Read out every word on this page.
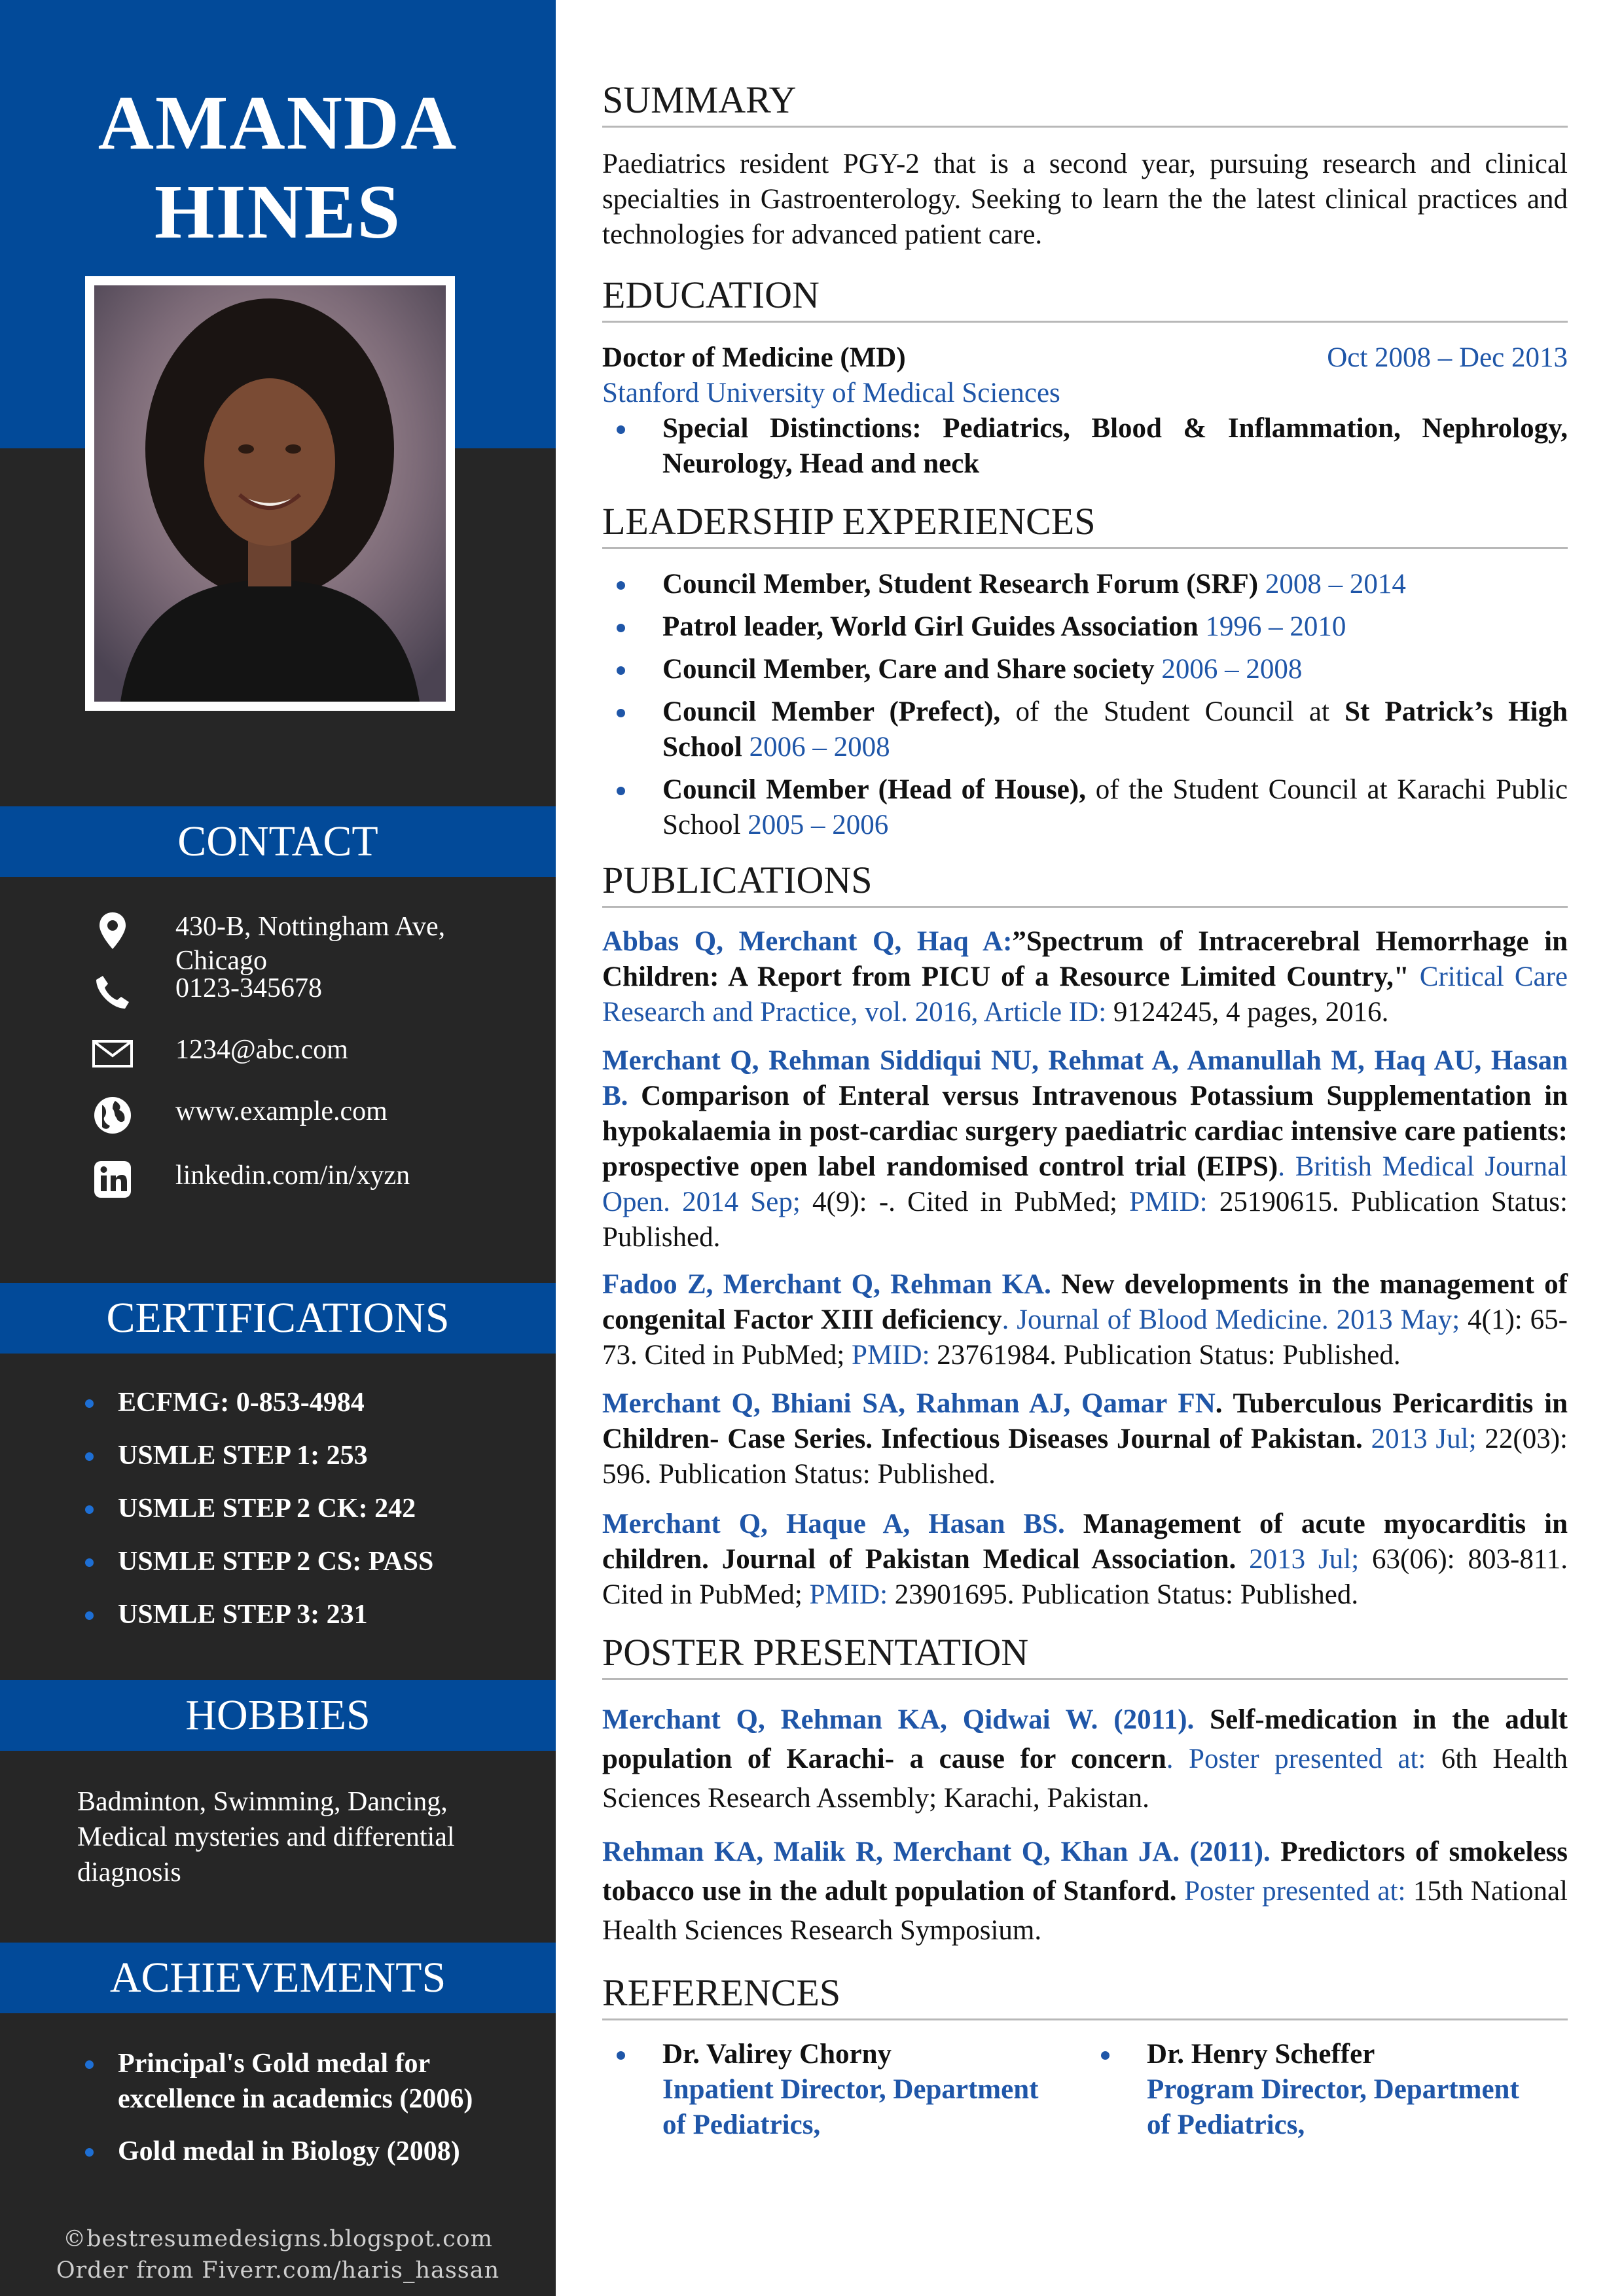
AMANDA
HINES
CONTACT
430-B, Nottingham Ave, Chicago
0123-345678
1234@abc.com
www.example.com
linkedin.com/in/xyzn
CERTIFICATIONS
ECFMG: 0-853-4984
USMLE STEP 1: 253
USMLE STEP 2 CK: 242
USMLE STEP 2 CS: PASS
USMLE STEP 3: 231
HOBBIES
Badminton, Swimming, Dancing, Medical mysteries and differential diagnosis
ACHIEVEMENTS
Principal's Gold medal for excellence in academics (2006)
Gold medal in Biology (2008)
©bestresumedesigns.blogspot.com
Order from Fiverr.com/haris_hassan
SUMMARY
Paediatrics resident PGY-2 that is a second year, pursuing research and clinical specialties in Gastroenterology. Seeking to learn the the latest clinical practices and technologies for advanced patient care.
EDUCATION
Doctor of Medicine (MD)	Oct 2008 – Dec 2013
Stanford University of Medical Sciences
Special Distinctions: Pediatrics, Blood & Inflammation, Nephrology, Neurology, Head and neck
LEADERSHIP EXPERIENCES
Council Member, Student Research Forum (SRF) 2008 – 2014
Patrol leader, World Girl Guides Association 1996 – 2010
Council Member, Care and Share society 2006 – 2008
Council Member (Prefect), of the Student Council at St Patrick’s High School 2006 – 2008
Council Member (Head of House), of the Student Council at Karachi Public School 2005 – 2006
PUBLICATIONS
Abbas Q, Merchant Q, Haq A:”Spectrum of Intracerebral Hemorrhage in Children: A Report from PICU of a Resource Limited Country," Critical Care Research and Practice, vol. 2016, Article ID: 9124245, 4 pages, 2016.
Merchant Q, Rehman Siddiqui NU, Rehmat A, Amanullah M, Haq AU, Hasan B. Comparison of Enteral versus Intravenous Potassium Supplementation in hypokalaemia in post-cardiac surgery paediatric cardiac intensive care patients: prospective open label randomised control trial (EIPS). British Medical Journal Open. 2014 Sep; 4(9): -. Cited in PubMed; PMID: 25190615. Publication Status: Published.
Fadoo Z, Merchant Q, Rehman KA. New developments in the management of congenital Factor XIII deficiency. Journal of Blood Medicine. 2013 May; 4(1): 65-73. Cited in PubMed; PMID: 23761984. Publication Status: Published.
Merchant Q, Bhiani SA, Rahman AJ, Qamar FN. Tuberculous Pericarditis in Children- Case Series. Infectious Diseases Journal of Pakistan. 2013 Jul; 22(03): 596. Publication Status: Published.
Merchant Q, Haque A, Hasan BS. Management of acute myocarditis in children. Journal of Pakistan Medical Association. 2013 Jul; 63(06): 803-811. Cited in PubMed; PMID: 23901695. Publication Status: Published.
POSTER PRESENTATION
Merchant Q, Rehman KA, Qidwai W. (2011). Self-medication in the adult population of Karachi- a cause for concern. Poster presented at: 6th Health Sciences Research Assembly; Karachi, Pakistan.
Rehman KA, Malik R, Merchant Q, Khan JA. (2011). Predictors of smokeless tobacco use in the adult population of Stanford. Poster presented at: 15th National Health Sciences Research Symposium.
REFERENCES
Dr. Valirey Chorny
Inpatient Director, Department of Pediatrics,
Dr. Henry Scheffer
Program Director, Department of Pediatrics,
